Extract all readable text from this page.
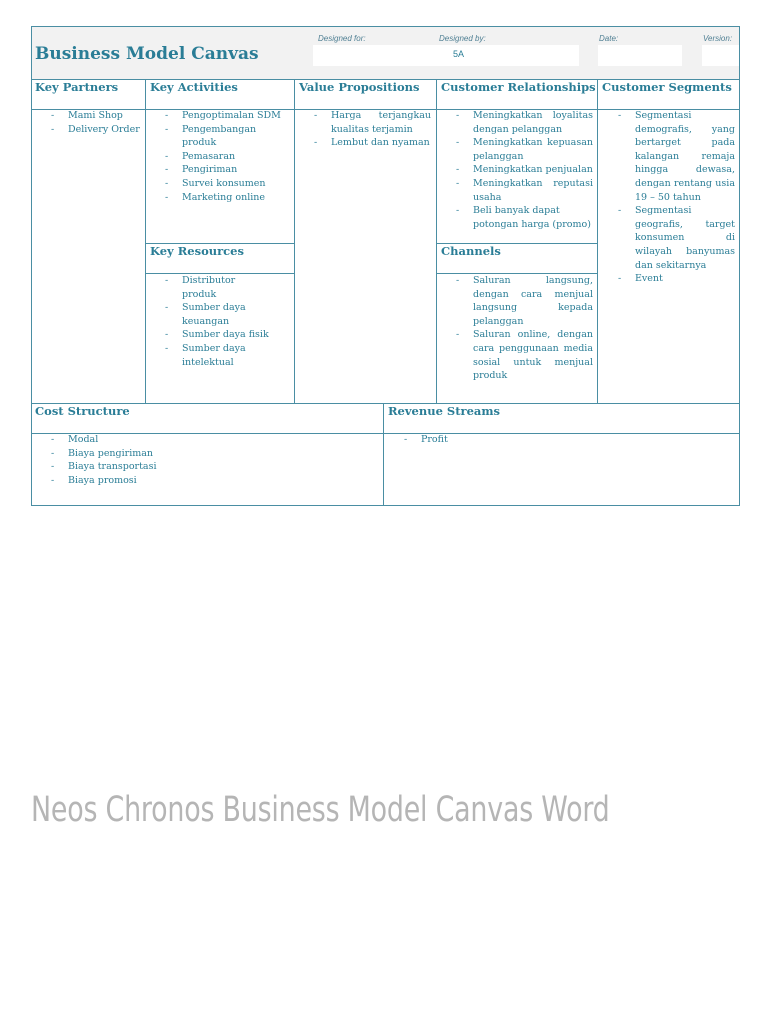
Business Model Canvas
Designed for:	Designed by:
5A
Date:	Version:
Key Partners
- Mami Shop
- Delivery Order
Key Activities
- Pengoptimalan SDM
- Pengembangan produk
- Pemasaran
- Pengiriman
- Survei konsumen
- Marketing online
Key Resources
- Distributor produk
- Sumber daya keuangan
- Sumber daya fisik
- Sumber daya intelektual
Value Propositions
- Harga terjangkau kualitas terjamin
- Lembut dan nyaman
Customer Relationships
- Meningkatkan loyalitas dengan pelanggan
- Meningkatkan kepuasan pelanggan
- Meningkatkan penjualan
- Meningkatkan reputasi usaha
- Beli banyak dapat potongan harga (promo)
Channels
- Saluran langsung, dengan cara menjual langsung kepada pelanggan
- Saluran online, dengan cara penggunaan media sosial untuk menjual produk
Customer Segments
- Segmentasi demografis, yang bertarget pada kalangan remaja hingga dewasa, dengan rentang usia 19 – 50 tahun
- Segmentasi geografis, target konsumen di wilayah banyumas dan sekitarnya
- Event
Cost Structure
- Modal
- Biaya pengiriman
- Biaya transportasi
- Biaya promosi
Revenue Streams
- Profit
Neos Chronos Business Model Canvas Word
